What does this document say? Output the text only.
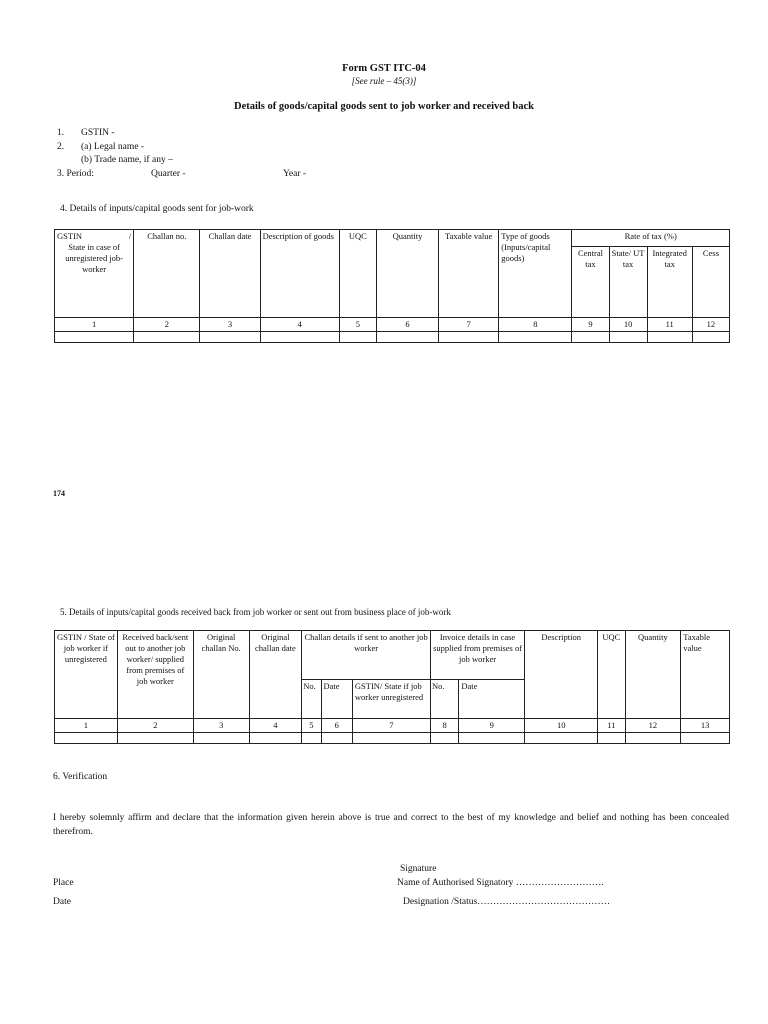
Form GST ITC-04
[See rule – 45(3)]
Details of goods/capital goods sent to job worker and received back
1. GSTIN -
2. (a) Legal name -
(b) Trade name, if any –
3. Period:	Quarter -	Year -
4. Details of inputs/capital goods sent for job-work
GSTIN /
State in case of unregistered job-worker	Challan no.	Challan date	Description of goods	UQC	Quantity	Taxable value	Type of goods (Inputs/capital goods)	Rate of tax (%)			
								Central tax	State/ UT tax	Integrated tax	Cess
1	2	3	4	5	6	7	8	9	10	11	12

174
5. Details of inputs/capital goods received back from job worker or sent out from business place of job-work
GSTIN / State of job worker if unregistered	Received back/sent out to another job worker/ supplied from premises of job worker	Original challan No.	Original challan date	Challan details if sent to another job worker			Invoice details in case supplied from premises of job worker		Description	UQC	Quantity	Taxable value
				No.	Date	GSTIN/ State if job worker unregistered	No.	Date				
1	2	3	4	5	6	7	8	9	10	11	12	13

6. Verification
I hereby solemnly affirm and declare that the information given herein above is true and correct to the best of my knowledge and belief and nothing has been concealed therefrom.
Signature
Place	Name of Authorised Signatory ……………………….
Date	Designation /Status……………………………………
